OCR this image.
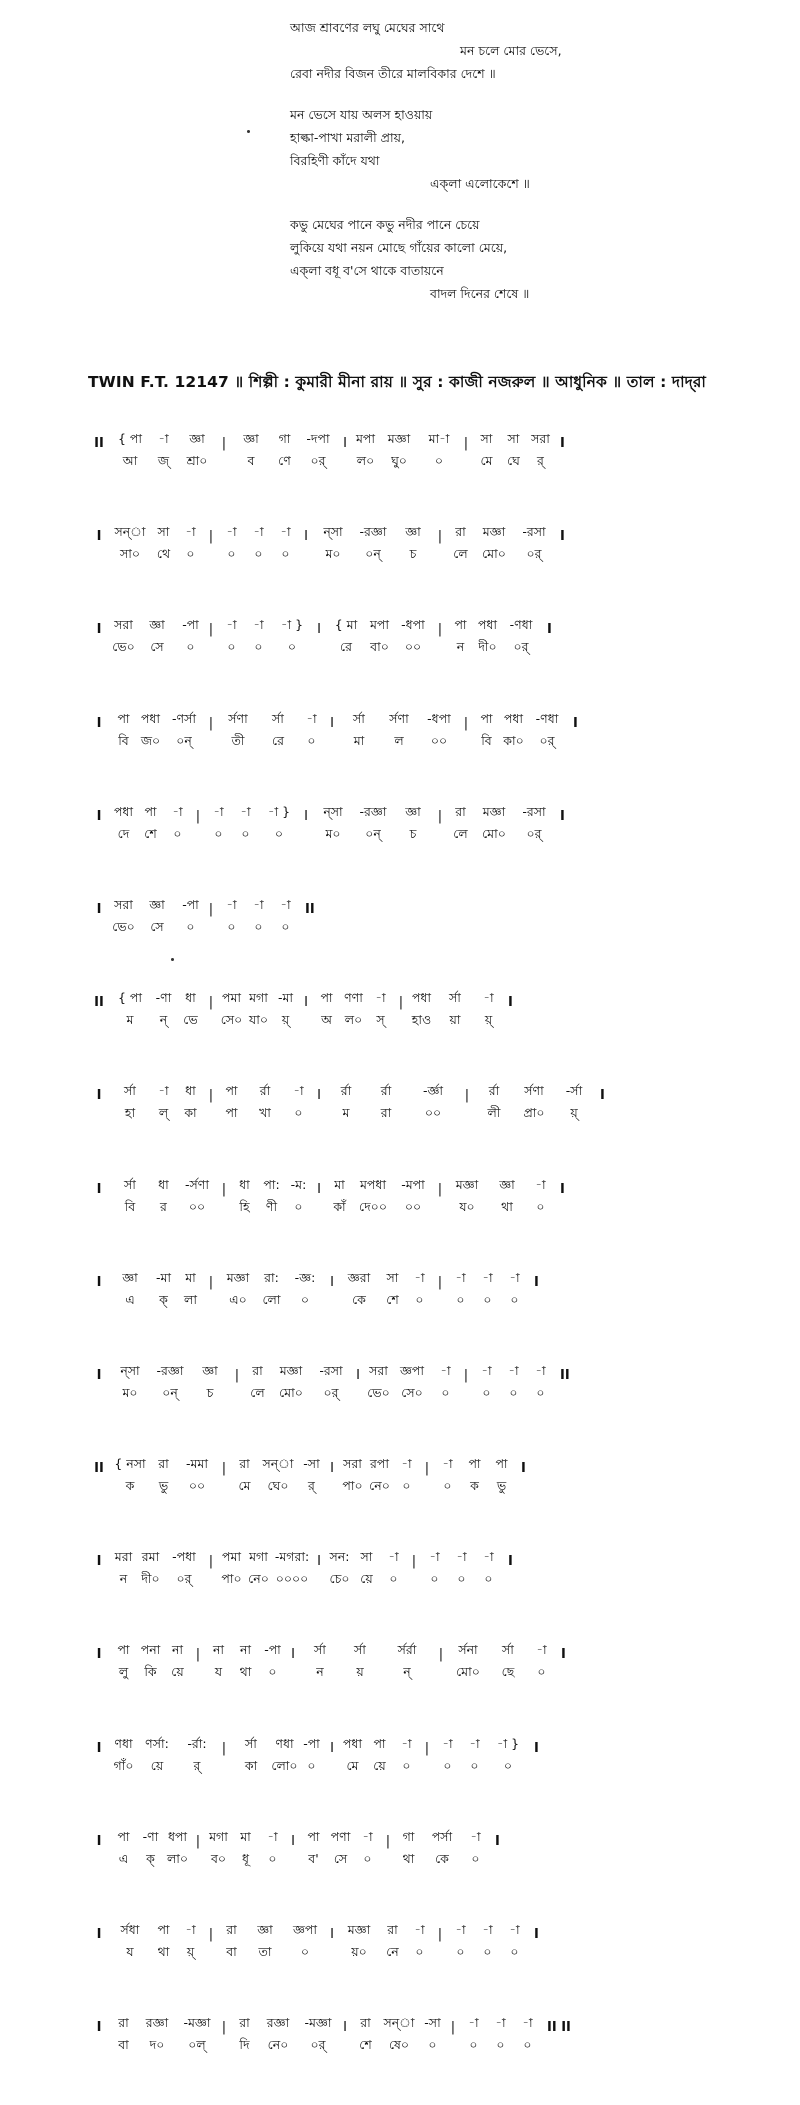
আজ শ্রাবণের লঘু মেঘের সাথে
মন চলে মোর ভেসে,
রেবা নদীর বিজন তীরে মালবিকার দেশে ॥
মন ভেসে যায় অলস হাওয়ায়
হাল্কা-পাখা মরালী প্রায়,
বিরহিণী কাঁদে যথা
এক্‌লা এলোকেশে ॥
কভু মেঘের পানে কভু নদীর পানে চেয়ে
লুকিয়ে যথা নয়ন মোছে গাঁয়ের কালো মেয়ে,
এক্‌লা বধূ ব'সে থাকে বাতায়নে
বাদল দিনের শেষে ॥
TWIN F.T. 12147 ॥ শিল্পী : কুমারী মীনা রায় ॥ সুর : কাজী নজরুল ॥ আধুনিক ॥ তাল : দাদ্‌রা
II	{ পা	-া	জ্ঞা	|	জ্ঞা	গা	-দপা	I মপা	মজ্ঞা	মা-া	| সা	সা সরা I
আ	জ্	শ্রা০	ব	ণে	০র্	ল০	ঘু০	০	মে	ঘে	র্
I	সন্‌া সা	-া	|	-া	-া	-া	I	ন্‌সা	-রজ্ঞা	জ্ঞা	|	রা	মজ্ঞা	-রসা	I
সা০	থে	০	০	০	০	ম০	০ন্	চ	লে	মো০	০র্
I	সরা	জ্ঞা	-পা |	-া	-া	-া }	I	{ মা	মপা -ধপা | পা পধা	-ণধা	I
ভে০	সে	০	০	০	০	রে	বা০	০০	ন	দী০	০র্
I	পা পধা -ণর্সা |	র্সণা	র্সা	-া	I	র্সা	র্সণা	-ধপা | পা পধা	-ণধা	I
বি জ০	০ন্	তী	রে	০	মা	ল	০০	বি কা০	০র্
I	পধা পা	-া	|	-া	-া	-া }	I	ন্‌সা	-রজ্ঞা	জ্ঞা	|	রা	মজ্ঞা	-রসা	I
দে	শে	০	০	০	০	ম০	০ন্	চ	লে	মো০	০র্
I	সরা	জ্ঞা	-পা |	-া	-া	-া	II
ভে০	সে	০	০	০	০
II	{ পা	-ণা	ধা | পমা মগা -মা I	পা ণণা -া	| পধা	র্সা	-া	I
ম	ন্	ভে	সে০ যা০	য়্	অ	ল০	স্	হাও	য়া	য়্
I	র্সা	-া	ধা | পা	র্রা	-া	I	র্রা	র্রা	-র্জ্ঞা	|	র্রা	র্সণা	-র্সা	I
হা	ল্	কা	পা	খা	০	ম	রা	০০	লী	প্রা০	য়্
I	র্সা	ধা	-র্সণা |	ধা	পা: -ম: I	মা	মপধা	-মপা	|	মজ্ঞা	জ্ঞা	-া	I
বি	র	০০	হি	ণী	০	কাঁ	দে০০	০০	য০	থা	০
I	জ্ঞা	-মা	মা	|	মজ্ঞা	রা:	-জ্ঞ:	I	জ্ঞরা	সা	-া	|	-া	-া	-া	I
এ	ক্	লা	এ০	লো	০	কে	শে	০	০	০	০
I	ন্‌সা	-রজ্ঞা	জ্ঞা	|	রা	মজ্ঞা	-রসা	I সরা জ্ঞপা	-া	|	-া	-া	-া	II
ম০	০ন্	চ	লে	মো০	০র্	ভে০ সে০	০	০	০	০
II { নসা	রা	-মমা	|	রা	সন্‌া -সা I সরা রপা -া	|	-া	পা	পা	I
ক	ভু	০০	মে	ঘে০	র্	পা০ নে০	০	০	ক	ভু
I	মরা রমা	-পধা | পমা মগা -মগরা: I সন: সা	-া	|	-া	-া	-া	I
ন	দী০	০র্	পা০ নে০ ০০০০	চে০ য়ে	০	০	০	০
I	পা পনা না |	না	না	-পা I	র্সা	র্সা	র্সর্রা	|	র্সনা	র্সা	-া	I
লু	কি	য়ে	য	থা	০	ন	য়	ন্	মো০	ছে	০
I	ণধা	ণর্সা:	-র্রা:	|	র্সা	ণধা -পা I পধা পা	-া	|	-া	-া	-া }	I
গাঁ০	য়ে	র্	কা	লো০ ০	মে	য়ে	০	০	০	০
I	পা	-ণা ধপা | মগা মা	-া	I	পা পণা -া	| গা	পর্সা	-া	I
এ	ক্ লা০	ব০	ধূ	০	ব'	সে	০	থা	কে	০
I	র্সধা	পা	-া	|	রা	জ্ঞা	জ্ঞপা	I	মজ্ঞা	রা	-া	|	-া	-া	-া	I
য	থা	য়্	বা	তা	০	য়০	নে	০	০	০	০
I	রা	রজ্ঞা	-মজ্ঞা |	রা	রজ্ঞা	-মজ্ঞা I	রা	সন্‌া -সা |	-া	-া	-া	II II
বা	দ০	০ল্	দি	নে০	০র্	শে	ষে০	০	০	০	০
